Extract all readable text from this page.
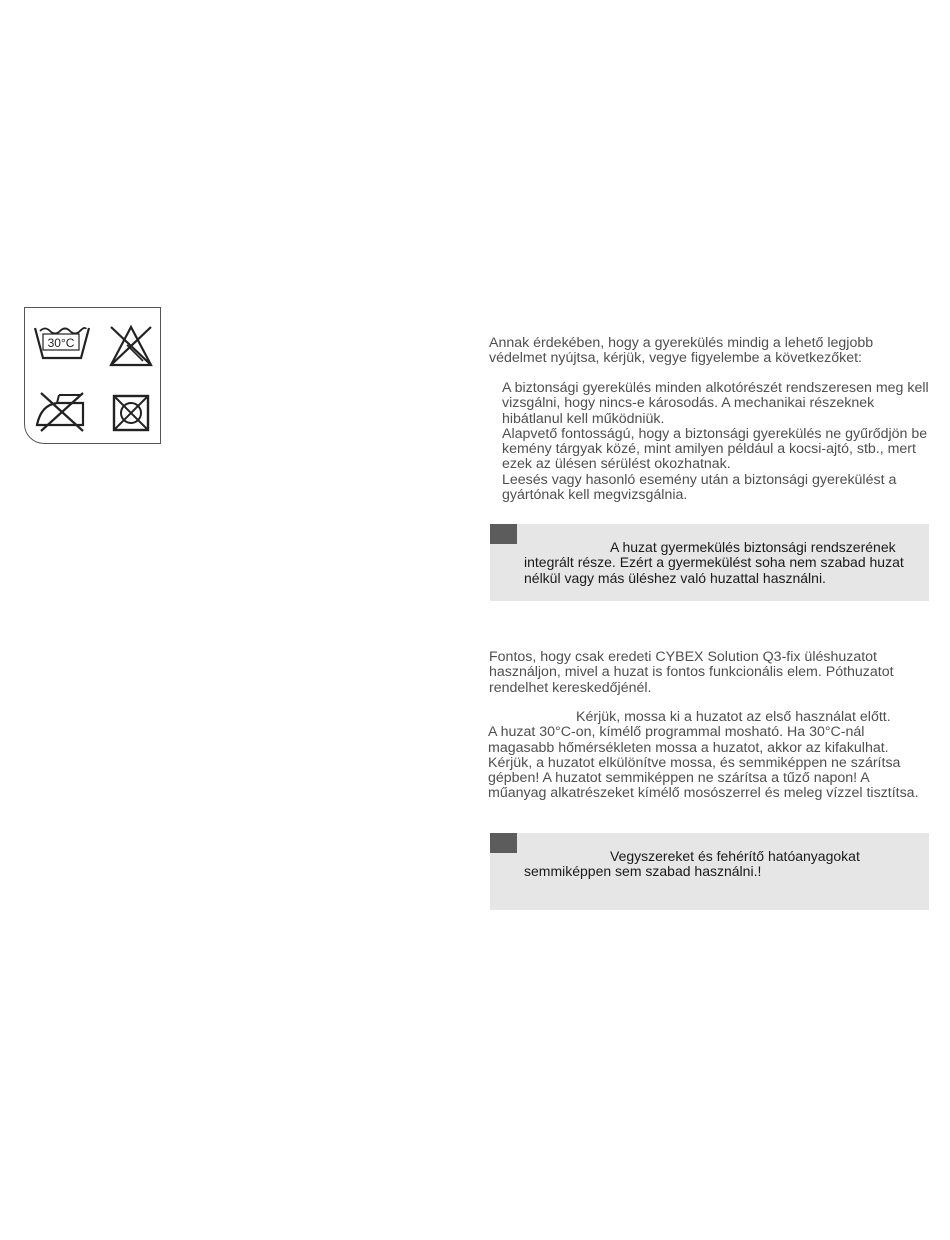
30°C	Annak érdekében, hogy a gyerekülés mindig a lehető legjobb védelmet nyújtsa, kérjük, vegye figyelembe a következőket:

A biztonsági gyerekülés minden alkotórészét rendszeresen meg kell vizsgálni, hogy nincs-e károsodás. A mechanikai részeknek hibátlanul kell működniük.

Alapvető fontosságú, hogy a biztonsági gyerekülés ne gyűrődjön be kemény tárgyak közé, mint amilyen például a kocsi-ajtó, stb., mert ezek az ülésen sérülést okozhatnak.

Leesés vagy hasonló esemény után a biztonsági gyerekülést a gyártónak kell megvizsgálnia.

A huzat gyermekülés biztonsági rendszerének
integrált része. Ezért a gyermekülést soha nem szabad huzat nélkül vagy más üléshez való huzattal használni.

Fontos, hogy csak eredeti CYBEX Solution Q3-fix üléshuzatot használjon, mivel a huzat is fontos funkcionális elem. Póthuzatot rendelhet kereskedőjénél.

Kérjük, mossa ki a huzatot az első használat előtt.
A huzat 30°C-on, kímélő programmal mosható. Ha 30°C-nál magasabb hőmérsékleten mossa a huzatot, akkor az kifakulhat. Kérjük, a huzatot elkülönítve mossa, és semmiképpen ne szárítsa gépben! A huzatot semmiképpen ne szárítsa a tűző napon! A műanyag alkatrészeket kímélő mosószerrel és meleg vízzel tisztítsa.

Vegyszereket és fehérítő hatóanyagokat
semmiképpen sem szabad használni.!
